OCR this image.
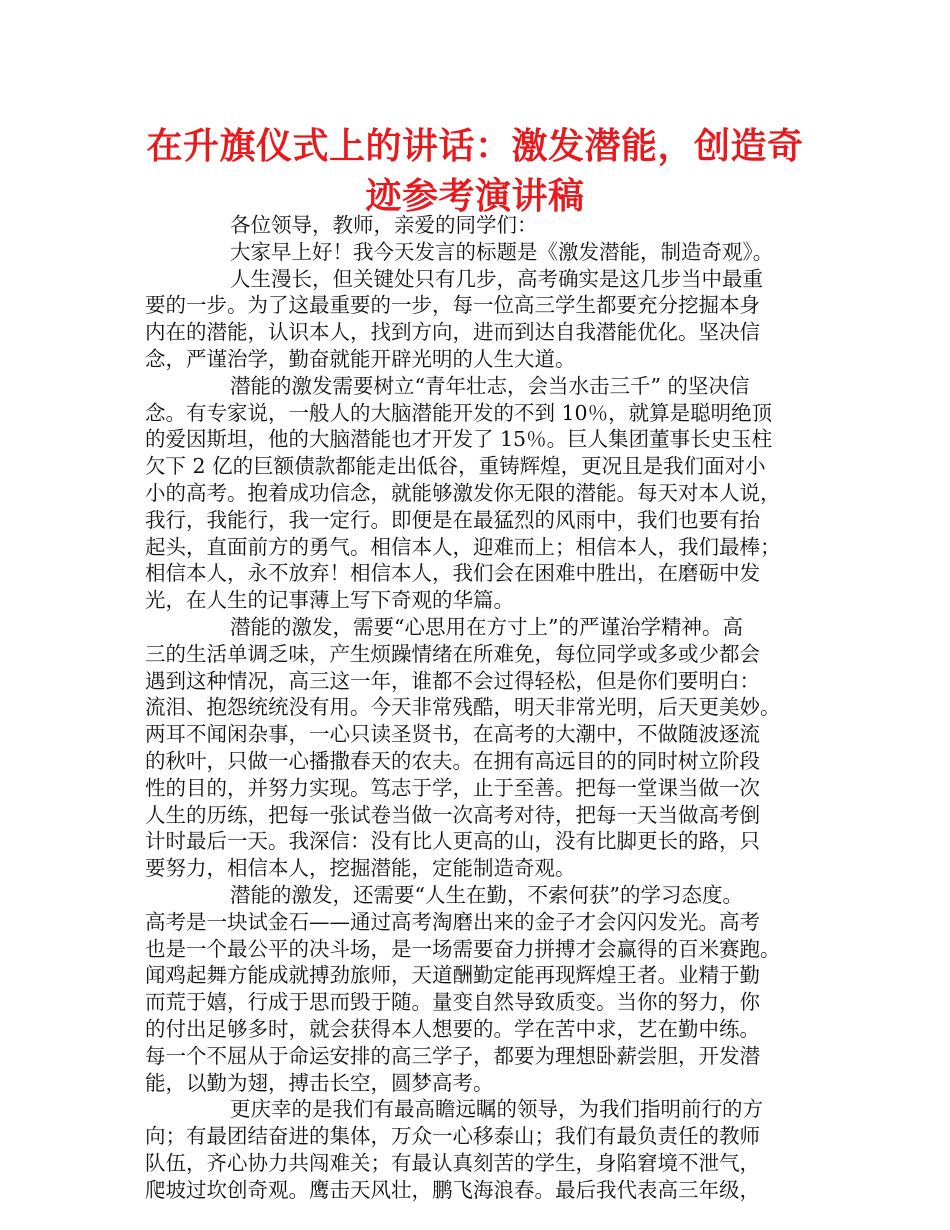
在升旗仪式上的讲话：激发潜能，创造奇
迹参考演讲稿
各位领导，教师，亲爱的同学们：
大家早上好！我今天发言的标题是《激发潜能，制造奇观》。
人生漫长，但关键处只有几步，高考确实是这几步当中最重
要的一步。为了这最重要的一步，每一位高三学生都要充分挖掘本身
内在的潜能，认识本人，找到方向，进而到达自我潜能优化。坚决信
念，严谨治学，勤奋就能开辟光明的人生大道。
潜能的激发需要树立“青年壮志，会当水击三千” 的坚决信
念。有专家说，一般人的大脑潜能开发的不到 10％，就算是聪明绝顶
的爱因斯坦，他的大脑潜能也才开发了 15％。巨人集团董事长史玉柱
欠下 2 亿的巨额债款都能走出低谷，重铸辉煌，更况且是我们面对小
小的高考。抱着成功信念，就能够激发你无限的潜能。每天对本人说，
我行，我能行，我一定行。即便是在最猛烈的风雨中，我们也要有抬
起头，直面前方的勇气。相信本人，迎难而上；相信本人，我们最棒；
相信本人，永不放弃！相信本人，我们会在困难中胜出，在磨砺中发
光，在人生的记事薄上写下奇观的华篇。
潜能的激发，需要“心思用在方寸上”的严谨治学精神。高
三的生活单调乏味，产生烦躁情绪在所难免，每位同学或多或少都会
遇到这种情况，高三这一年，谁都不会过得轻松，但是你们要明白：
流泪、抱怨统统没有用。今天非常残酷，明天非常光明，后天更美妙。
两耳不闻闲杂事，一心只读圣贤书，在高考的大潮中，不做随波逐流
的秋叶，只做一心播撒春天的农夫。在拥有高远目的的同时树立阶段
性的目的，并努力实现。笃志于学，止于至善。把每一堂课当做一次
人生的历练，把每一张试卷当做一次高考对待，把每一天当做高考倒
计时最后一天。我深信：没有比人更高的山，没有比脚更长的路，只
要努力，相信本人，挖掘潜能，定能制造奇观。
潜能的激发，还需要“人生在勤，不索何获”的学习态度。
高考是一块试金石——通过高考淘磨出来的金子才会闪闪发光。高考
也是一个最公平的决斗场，是一场需要奋力拼搏才会赢得的百米赛跑。
闻鸡起舞方能成就搏劲旅师，天道酬勤定能再现辉煌王者。业精于勤
而荒于嬉，行成于思而毁于随。量变自然导致质变。当你的努力，你
的付出足够多时，就会获得本人想要的。学在苦中求，艺在勤中练。
每一个不屈从于命运安排的高三学子，都要为理想卧薪尝胆，开发潜
能，以勤为翅，搏击长空，圆梦高考。
更庆幸的是我们有最高瞻远瞩的领导，为我们指明前行的方
向；有最团结奋进的集体，万众一心移泰山；我们有最负责任的教师
队伍，齐心协力共闯难关；有最认真刻苦的学生，身陷窘境不泄气，
爬坡过坎创奇观。鹰击天风壮，鹏飞海浪春。最后我代表高三年级，
